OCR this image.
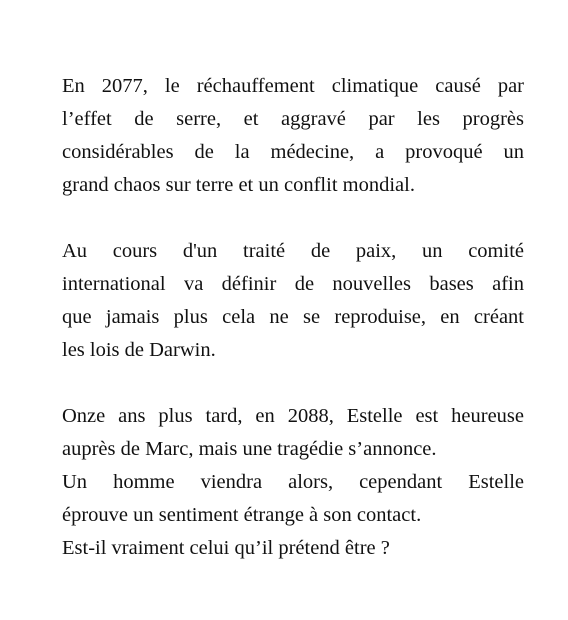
En 2077, le réchauffement climatique causé par
l’effet de serre, et aggravé par les progrès
considérables de la médecine, a provoqué un
grand chaos sur terre et un conflit mondial.

Au cours d'un traité de paix, un comité
international va définir de nouvelles bases afin
que jamais plus cela ne se reproduise, en créant
les lois de Darwin.

Onze ans plus tard, en 2088, Estelle est heureuse
auprès de Marc, mais une tragédie s’annonce.
Un homme viendra alors, cependant Estelle
éprouve un sentiment étrange à son contact.
Est-il vraiment celui qu’il prétend être ?
